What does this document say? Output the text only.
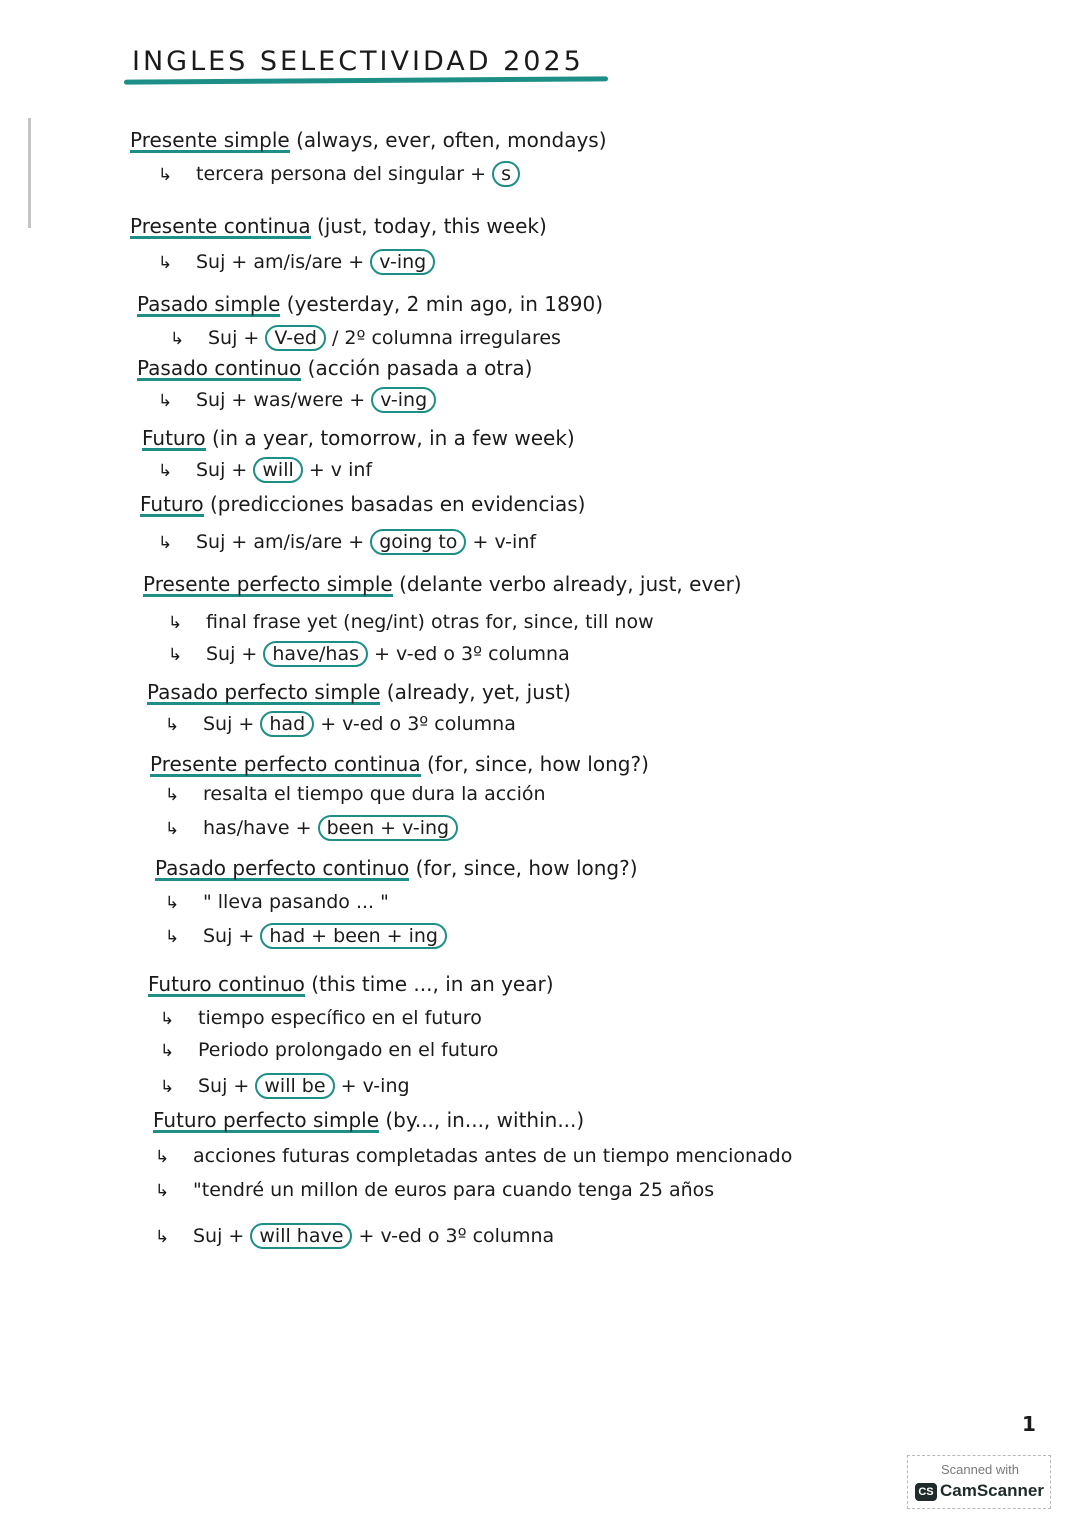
INGLES SELECTIVIDAD 2025
Presente simple (always, ever, often, mondays)
↳ tercera persona del singular + s
Presente continua (just, today, this week)
↳ Suj + am/is/are + v-ing
Pasado simple (yesterday, 2 min ago, in 1890)
↳ Suj + V-ed / 2º columna irregulares
Pasado continuo (acción pasada a otra)
↳ Suj + was/were + v-ing
Futuro (in a year, tomorrow, in a few week)
↳ Suj + will + v inf
Futuro (predicciones basadas en evidencias)
↳ Suj + am/is/are + going to + v-inf
Presente perfecto simple (delante verbo already, just, ever)
↳ final frase yet (neg/int) otras for, since, till now
↳ Suj + have/has + v-ed o 3º columna
Pasado perfecto simple (already, yet, just)
↳ Suj + had + v-ed o 3º columna
Presente perfecto continua (for, since, how long?)
↳ resalta el tiempo que dura la acción
↳ has/have + been + v-ing
Pasado perfecto continuo (for, since, how long?)
↳ " lleva pasando ... "
↳ Suj + had + been + ing
Futuro continuo (this time ..., in an year)
↳ tiempo específico en el futuro
↳ Periodo prolongado en el futuro
↳ Suj + will be + v-ing
Futuro perfecto simple (by..., in..., within...)
↳ acciones futuras completadas antes de un tiempo mencionado
↳ "tendré un millon de euros para cuando tenga 25 años
↳ Suj + will have + v-ed o 3º columna
1
Scanned with
CS CamScanner
